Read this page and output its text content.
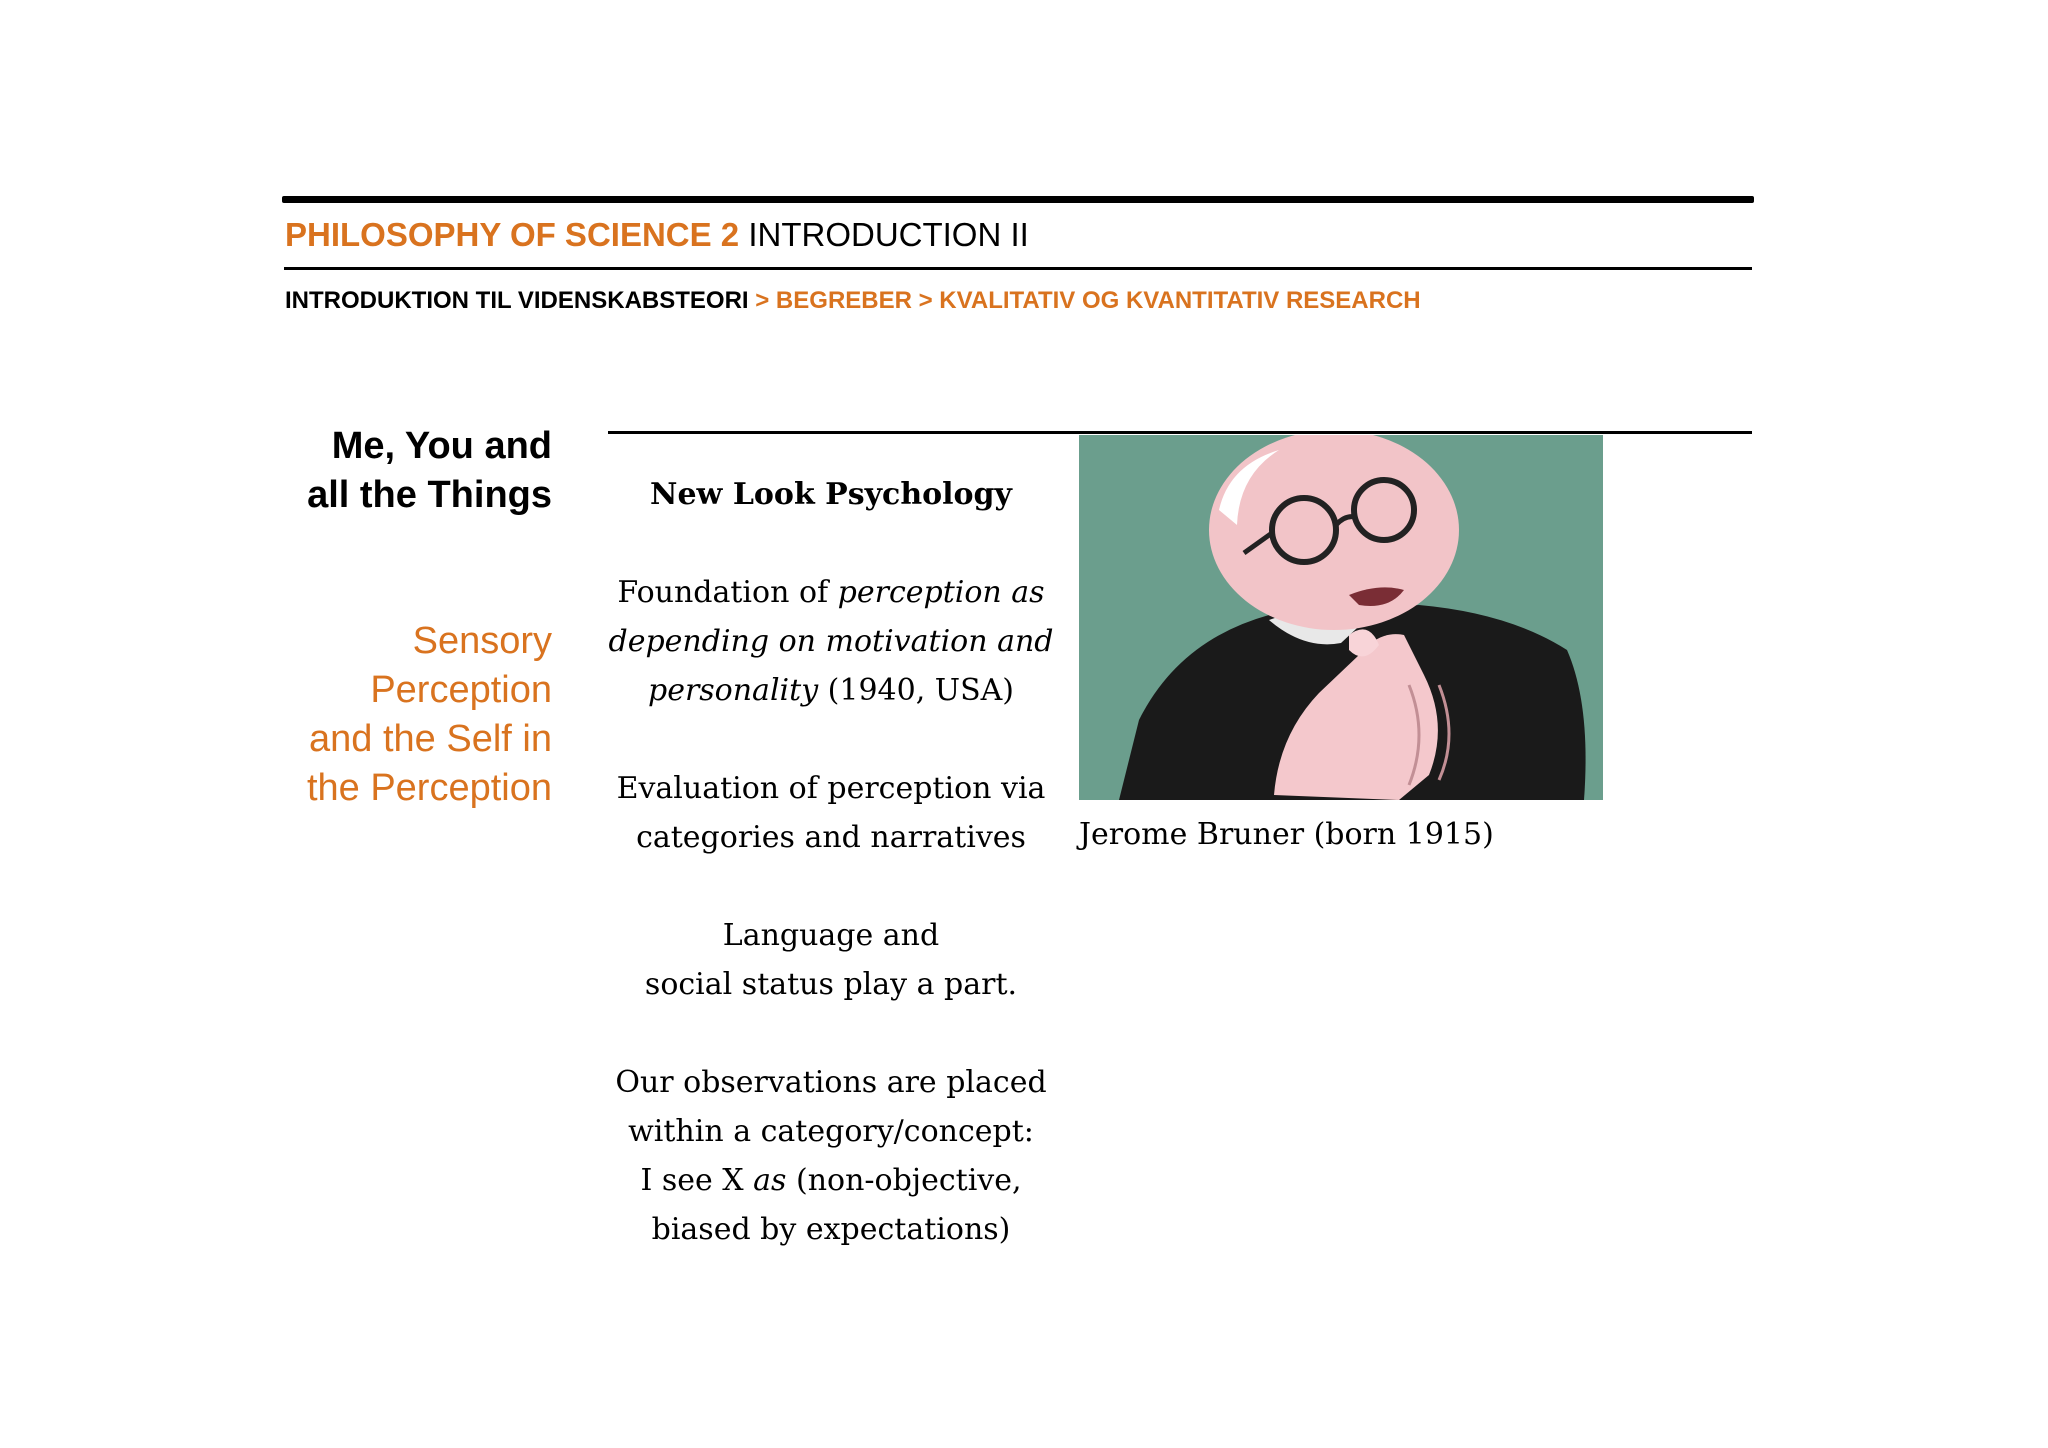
PHILOSOPHY OF SCIENCE 2 INTRODUCTION II
INTRODUKTION TIL VIDENSKABSTEORI > BEGREBER > KVALITATIV OG KVANTITATIV RESEARCH
Me, You and
all the Things
Sensory
Perception
and the Self in
the Perception

New Look Psychology

Foundation of perception as depending on motivation and personality (1940, USA)

Evaluation of perception via categories and narratives

Language and
social status play a part.

Our observations are placed within a category/concept:
I see X as (non-objective, biased by expectations)

Jerome Bruner (born 1915)
